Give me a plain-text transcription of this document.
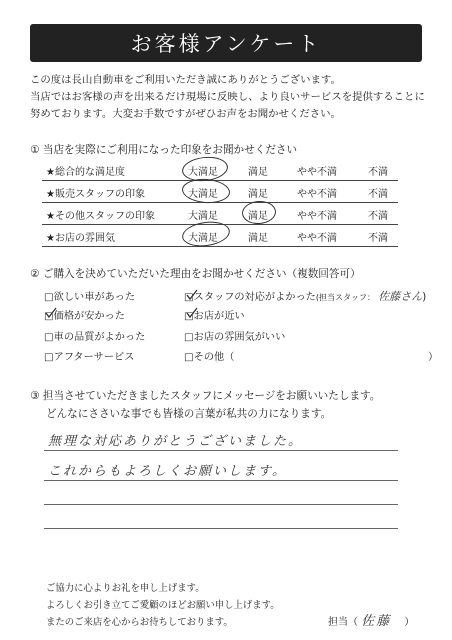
お客様アンケート
この度は長山自動車をご利用いただき誠にありがとうございます。
当店ではお客様の声を出来るだけ現場に反映し、より良いサービスを提供することに
努めております。大変お手数ですがぜひお声をお聞かせください。
① 当店を実際にご利用になった印象をお聞かせください
★総合的な満足度	大満足	満足	やや不満	不満
★販売スタッフの印象	大満足	満足	やや不満	不満
★その他スタッフの印象	大満足	満足	やや不満	不満
★お店の雰囲気	大満足	満足	やや不満	不満
② ご購入を決めていただいた理由をお聞かせください（複数回答可）
□欲しい車があった	□スタッフの対応がよかった(担当スタッフ： 佐藤さん)
□価格が安かった	□お店が近い
□車の品質がよかった	□お店の雰囲気がいい
□アフターサービス	□その他（	）
③ 担当させていただきましたスタッフにメッセージをお願いいたします。
どんなにささいな事でも皆様の言葉が私共の力になります。
無理な対応ありがとうございました。
これからもよろしくお願いします。
ご協力に心よりお礼を申し上げます。
よろしくお引き立てご愛顧のほどお願い申し上げます。
またのご来店を心からお待ちしております。	担当（ 佐藤 ）
